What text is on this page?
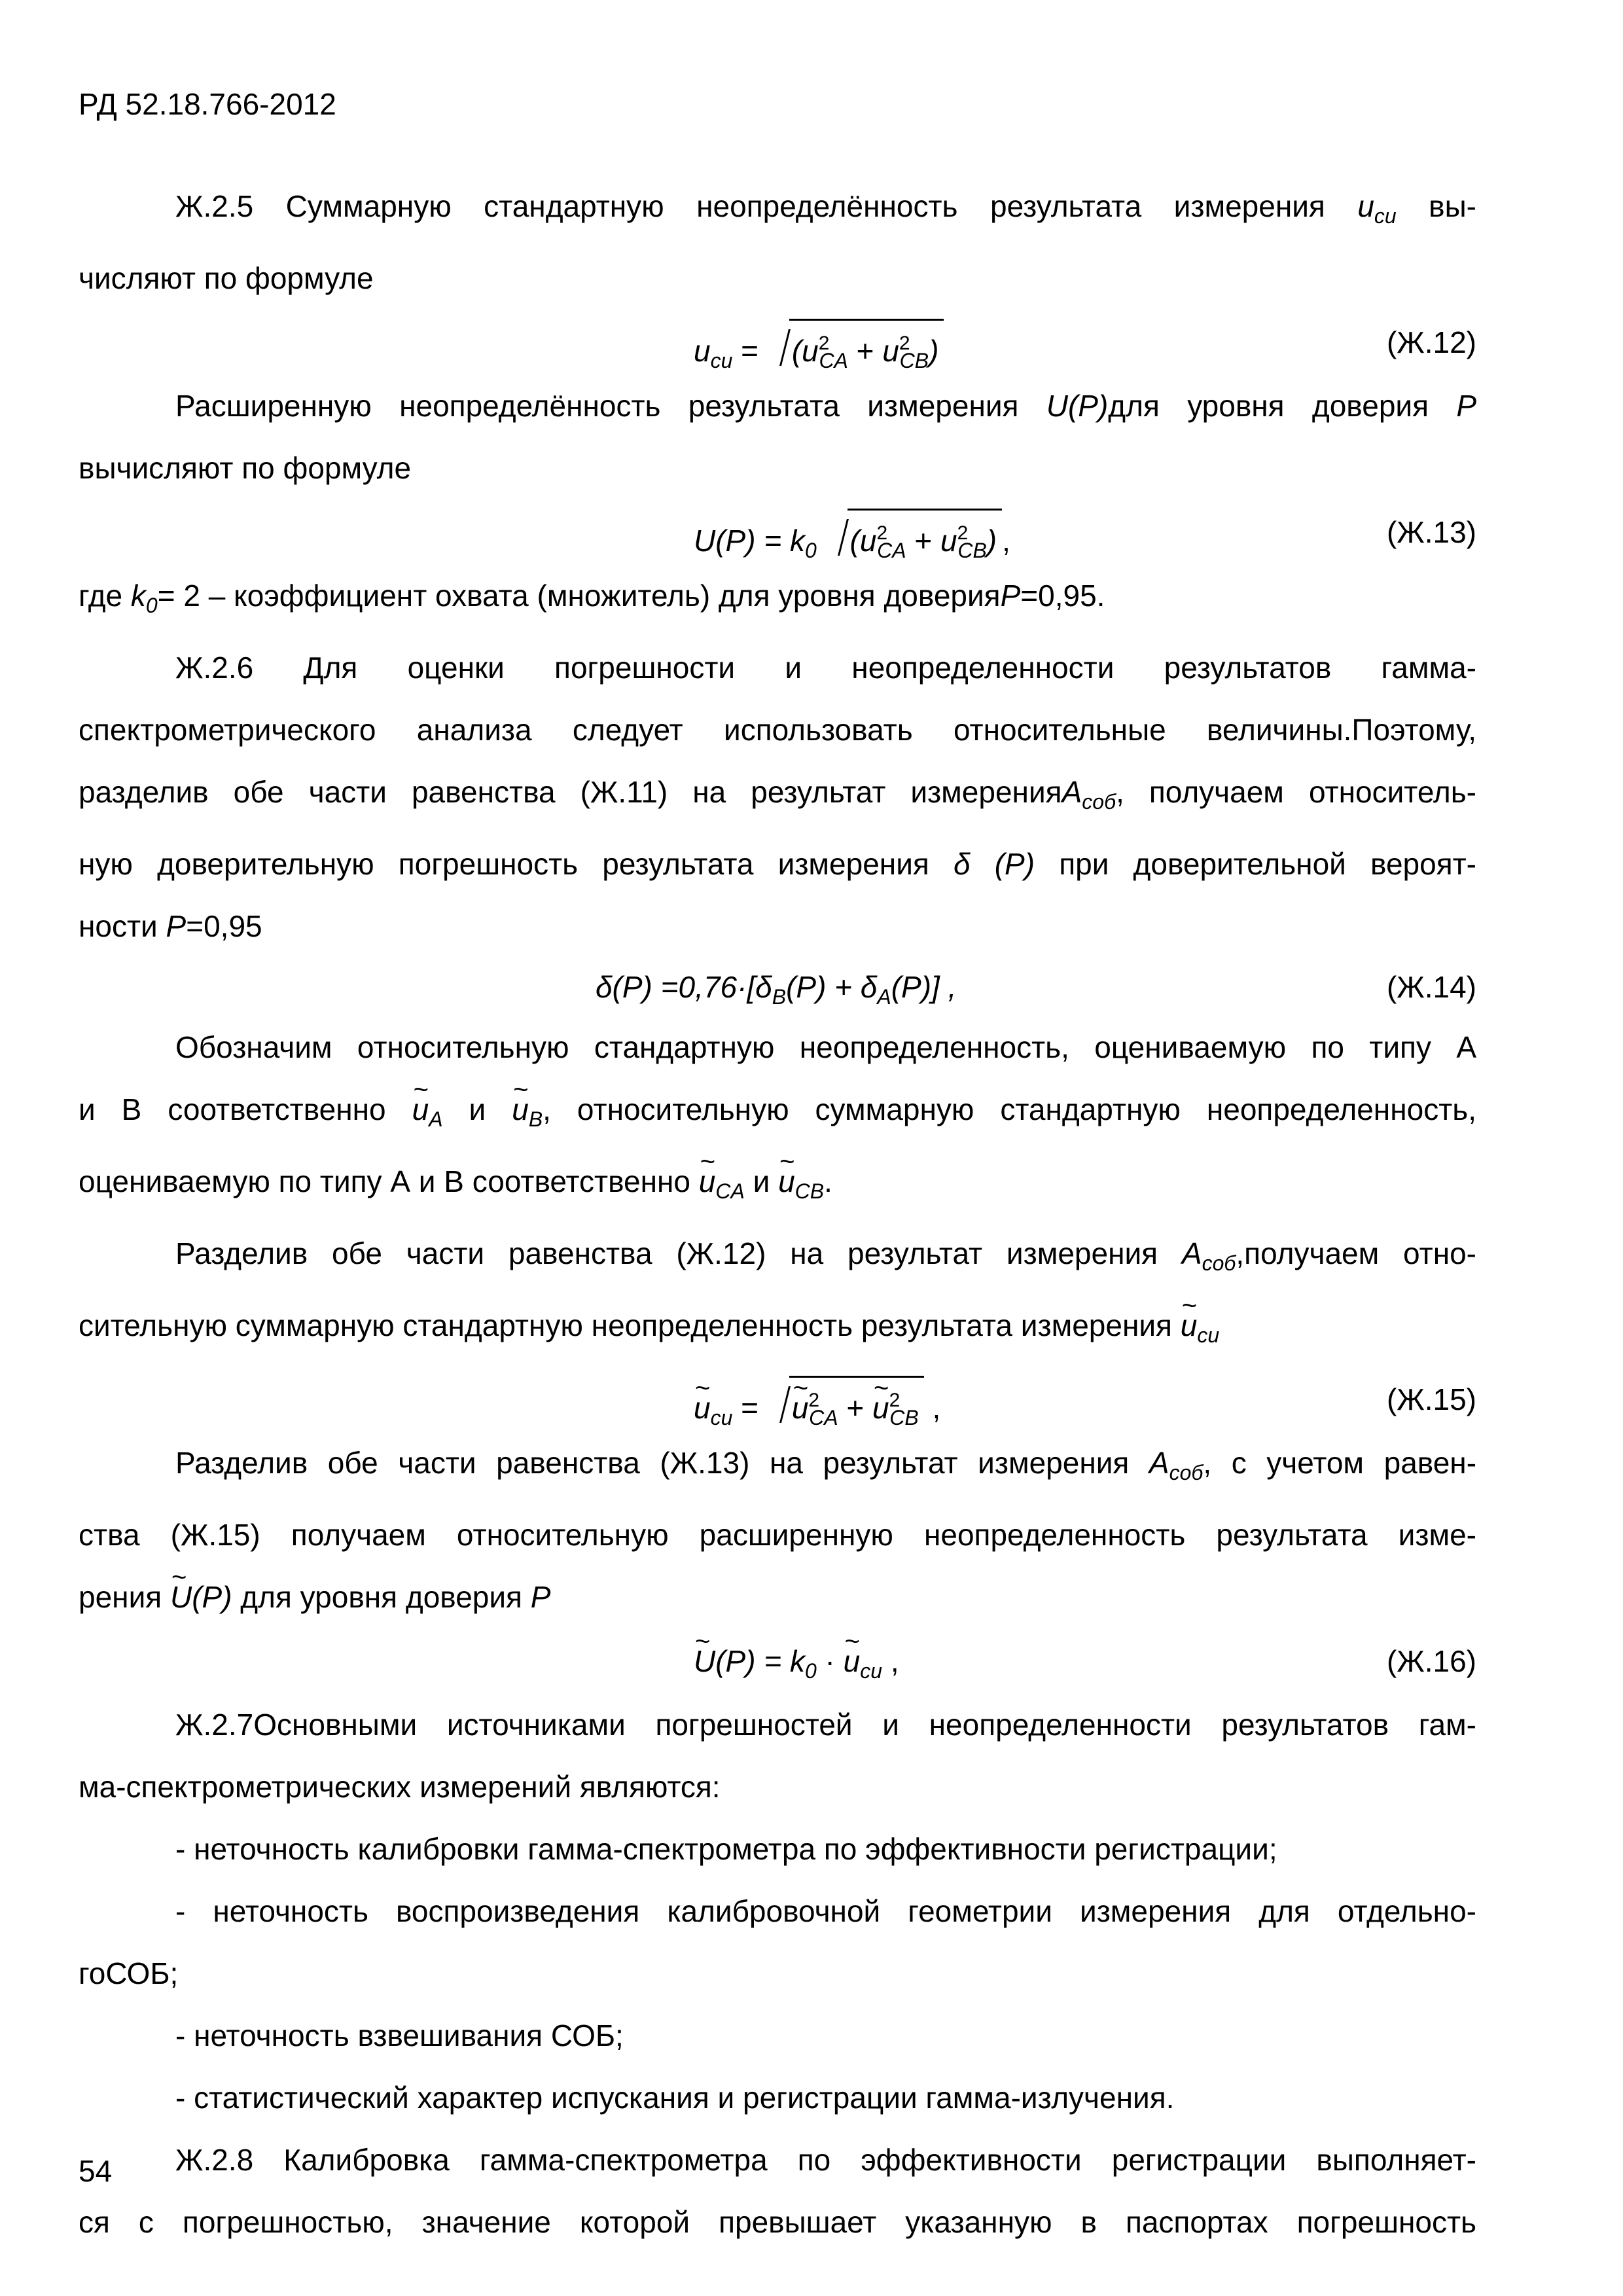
РД 52.18.766-2012

Ж.2.5 Суммарную стандартную неопределённость результата измерения $u_{си}$ вы-

числяют по формуле

$u_{си} = (u^2_{CA} + u^2_{CB})$	(Ж.12)

Расширенную неопределённость результата измерения U(P)для уровня доверия P

вычисляют по формуле

$U(P) = k_0$ $(u^2_{CA} + u^2_{CB})$ ,	(Ж.13)

где $k_0= 2$ – коэффициент охвата (множитель) для уровня доверияP=0,95.

Ж.2.6 Для оценки погрешности и неопределенности результатов гамма-

спектрометрического анализа следует использовать относительные величины.Поэтому,

разделив обе части равенства (Ж.11) на результат измеренияA$_{соб}$, получаем относитель-

ную доверительную погрешность результата измерения δ (P) при доверительной вероят-

ности P=0,95

$\delta(P) =0,76\cdot[\delta_B(P) + \delta_A(P)]$ ,	(Ж.14)

Обозначим относительную стандартную неопределенность, оцениваемую по типу А

и В соответственно ~ $u_A$ и ~ $u_B$, относительную суммарную стандартную неопределенность,

оцениваемую по типу А и В соответственно ~ $u_{CA}$ и ~ $u_{CB}$.

Разделив обе части равенства (Ж.12) на результат измерения $A_{соб},получаем$ отно-

сительную суммарную стандартную неопределенность результата измерения ~ $u_{си}$

~ $u_{си}$ = ~ $u^2_{CA}$ + ~ $u^2_{CB}$ ,	(Ж.15)

Разделив обе части равенства (Ж.13) на результат измерения $A_{соб}$, с учетом равен-

ства (Ж.15) получаем относительную расширенную неопределенность результата изме-

рения ~ U(P) для уровня доверия P

~ $U(P) = k_0$ · ~ $u_{си}$ ,	(Ж.16)

Ж.2.7Основными источниками погрешностей и неопределенности результатов гам-

ма-спектрометрических измерений являются:

- неточность калибровки гамма-спектрометра по эффективности регистрации;

- неточность воспроизведения калибровочной геометрии измерения для отдельно-

гоСОБ;

- неточность взвешивания СОБ;

- статистический характер испускания и регистрации гамма-излучения.

Ж.2.8 Калибровка гамма-спектрометра по эффективности регистрации выполняет-

ся с погрешностью, значение которой превышает указанную в паспортах погрешность

54
